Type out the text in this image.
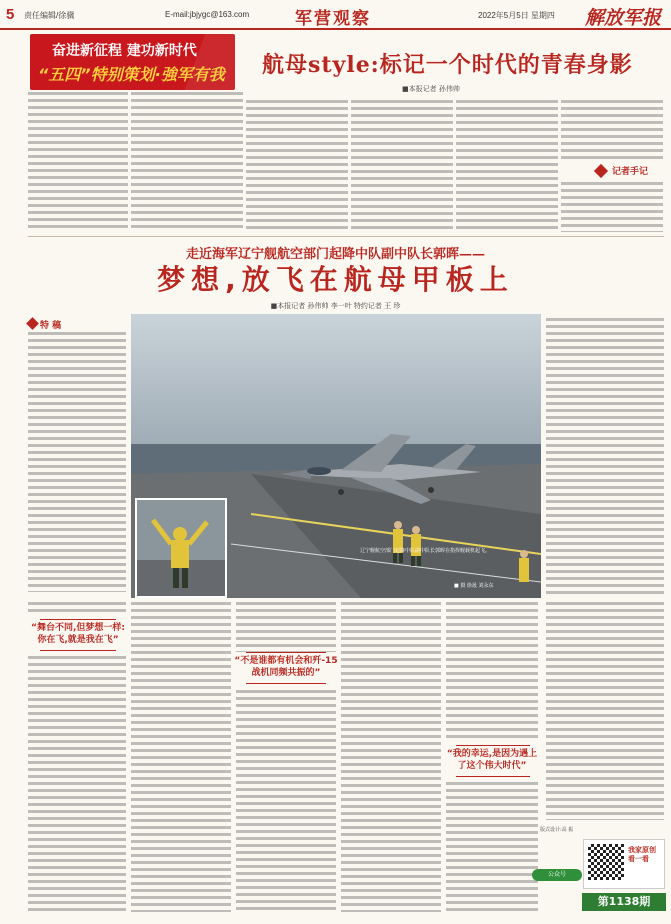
5 责任编辑/徐骥	E-mail:jbjygc@163.com	军营观察	2022年5月5日 星期四 解放军报
奋进新征程 建功新时代
“五四”特别策划·強军有我 航母style:标记一个时代的青春身影
■本报记者 孙伟帅
记者手记
走近海军辽宁舰航空部门起降中队副中队长郭晖——
梦想,放飞在航母甲板上
■本报记者 孙伟帅 李一叶 特约记者 王 珍
特 稿
辽宁舰航空部门起降中队副中队长郭晖在指挥舰载机起飞。
■ 摄 徐晟 刘永东
“舞台不同,但梦想一样:你在飞,就是我在飞”
“不是谁都有机会和歼-15战机同频共振的”
“我的幸运,是因为遇上了这个伟大时代”
版式设计:高 振
我家原创 看一看
公众号
第1138期
